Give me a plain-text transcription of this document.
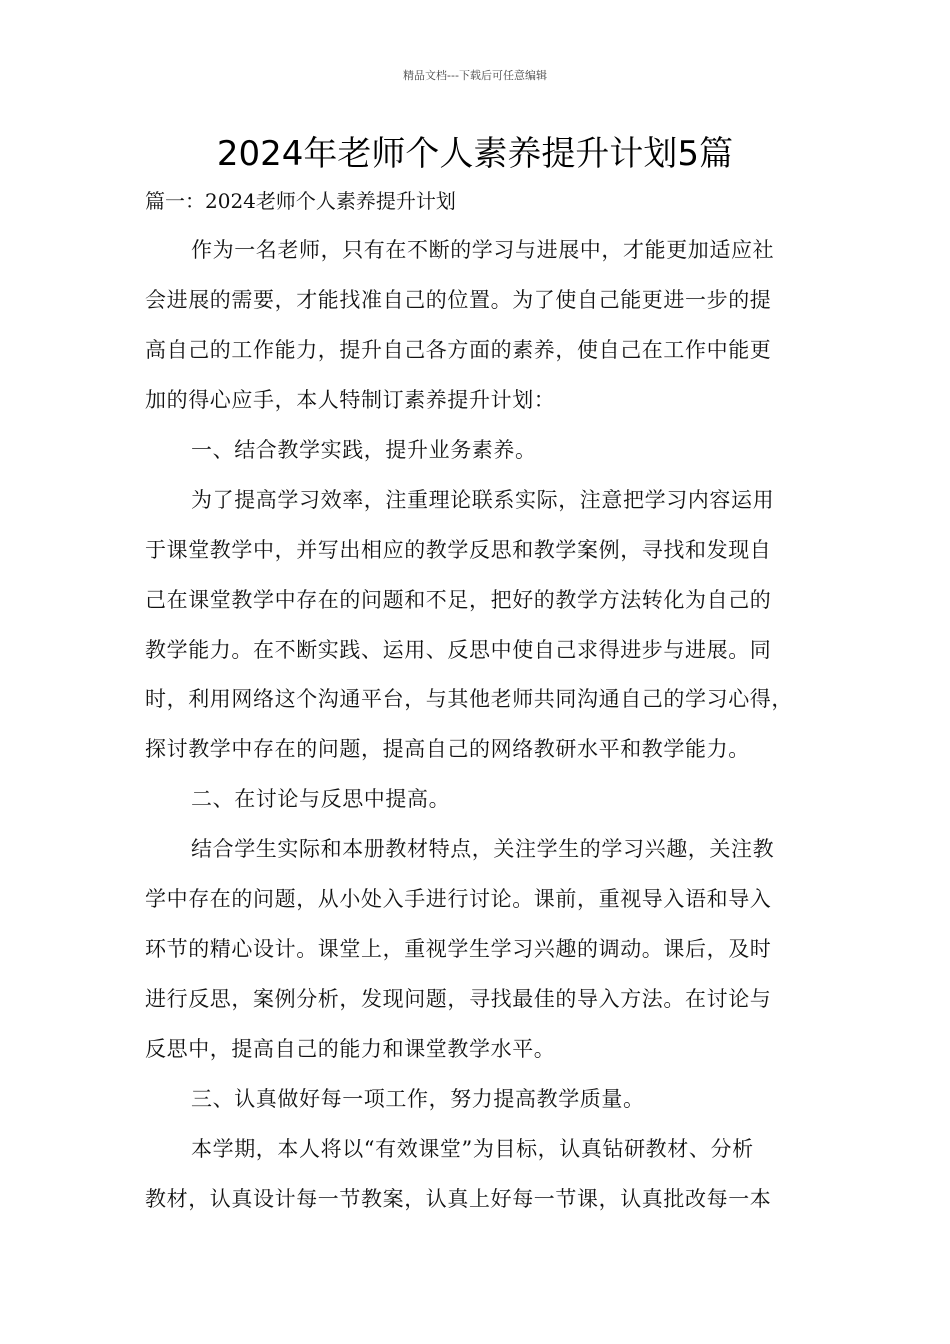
精品文档---下载后可任意编辑
2024年老师个人素养提升计划5篇

篇一：2024老师个人素养提升计划

作为一名老师，只有在不断的学习与进展中，才能更加适应社
会进展的需要，才能找准自己的位置。为了使自己能更进一步的提
高自己的工作能力，提升自己各方面的素养，使自己在工作中能更
加的得心应手，本人特制订素养提升计划：
一、结合教学实践，提升业务素养。
为了提高学习效率，注重理论联系实际，注意把学习内容运用
于课堂教学中，并写出相应的教学反思和教学案例，寻找和发现自
己在课堂教学中存在的问题和不足，把好的教学方法转化为自己的
教学能力。在不断实践、运用、反思中使自己求得进步与进展。同
时，利用网络这个沟通平台，与其他老师共同沟通自己的学习心得，
探讨教学中存在的问题，提高自己的网络教研水平和教学能力。
二、在讨论与反思中提高。
结合学生实际和本册教材特点，关注学生的学习兴趣，关注教
学中存在的问题，从小处入手进行讨论。课前，重视导入语和导入
环节的精心设计。课堂上，重视学生学习兴趣的调动。课后，及时
进行反思，案例分析，发现问题，寻找最佳的导入方法。在讨论与
反思中，提高自己的能力和课堂教学水平。
三、认真做好每一项工作，努力提高教学质量。
本学期，本人将以“有效课堂”为目标，认真钻研教材、分析
教材，认真设计每一节教案，认真上好每一节课，认真批改每一本
